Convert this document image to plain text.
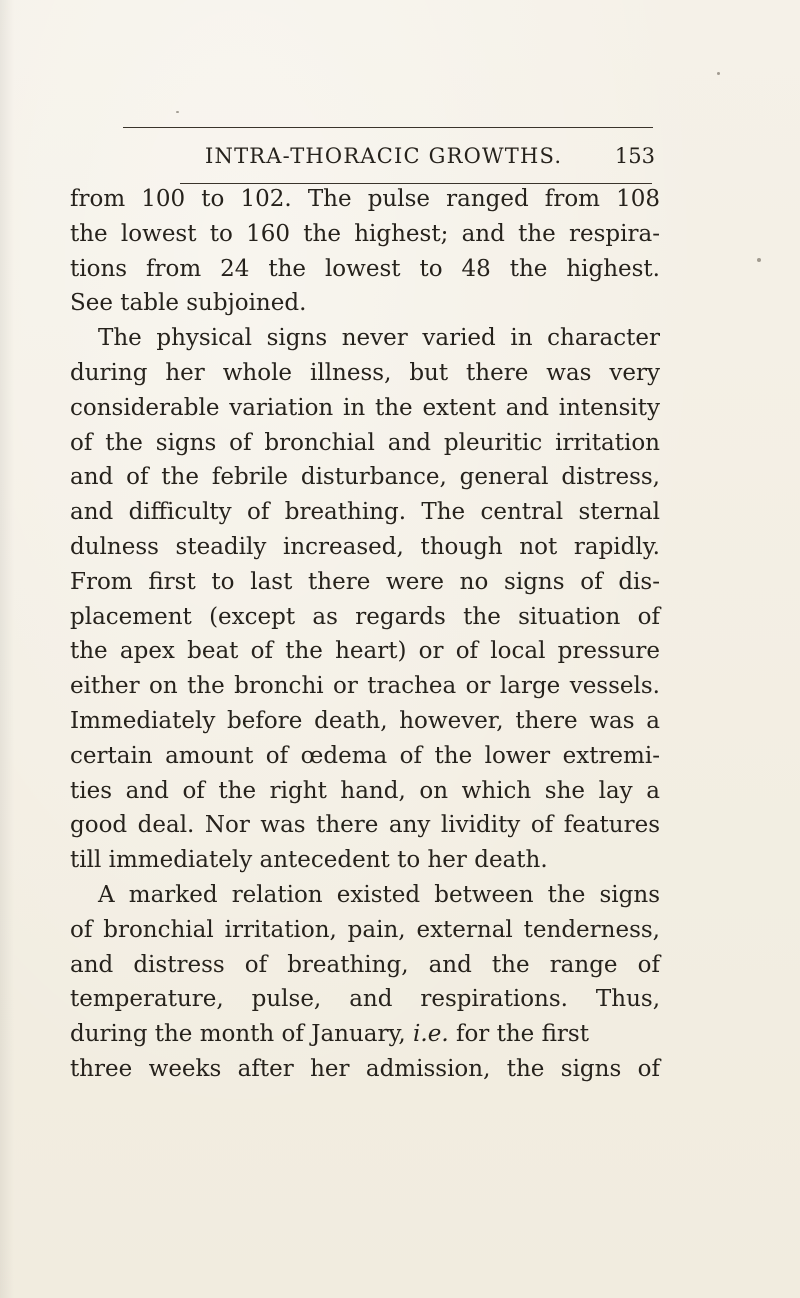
INTRA-THORACIC GROWTHS.	153
from 100 to 102. The pulse ranged from 108
the lowest to 160 the highest; and the respira-
tions from 24 the lowest to 48 the highest.
See table subjoined.
The physical signs never varied in character
during her whole illness, but there was very
considerable variation in the extent and intensity
of the signs of bronchial and pleuritic irritation
and of the febrile disturbance, general distress,
and difficulty of breathing. The central sternal
dulness steadily increased, though not rapidly.
From first to last there were no signs of dis-
placement (except as regards the situation of
the apex beat of the heart) or of local pressure
either on the bronchi or trachea or large vessels.
Immediately before death, however, there was a
certain amount of œdema of the lower extremi-
ties and of the right hand, on which she lay a
good deal. Nor was there any lividity of features
till immediately antecedent to her death.
A marked relation existed between the signs
of bronchial irritation, pain, external tenderness,
and distress of breathing, and the range of
temperature, pulse, and respirations. Thus,
during the month of January, i.e. for the first
three weeks after her admission, the signs of
